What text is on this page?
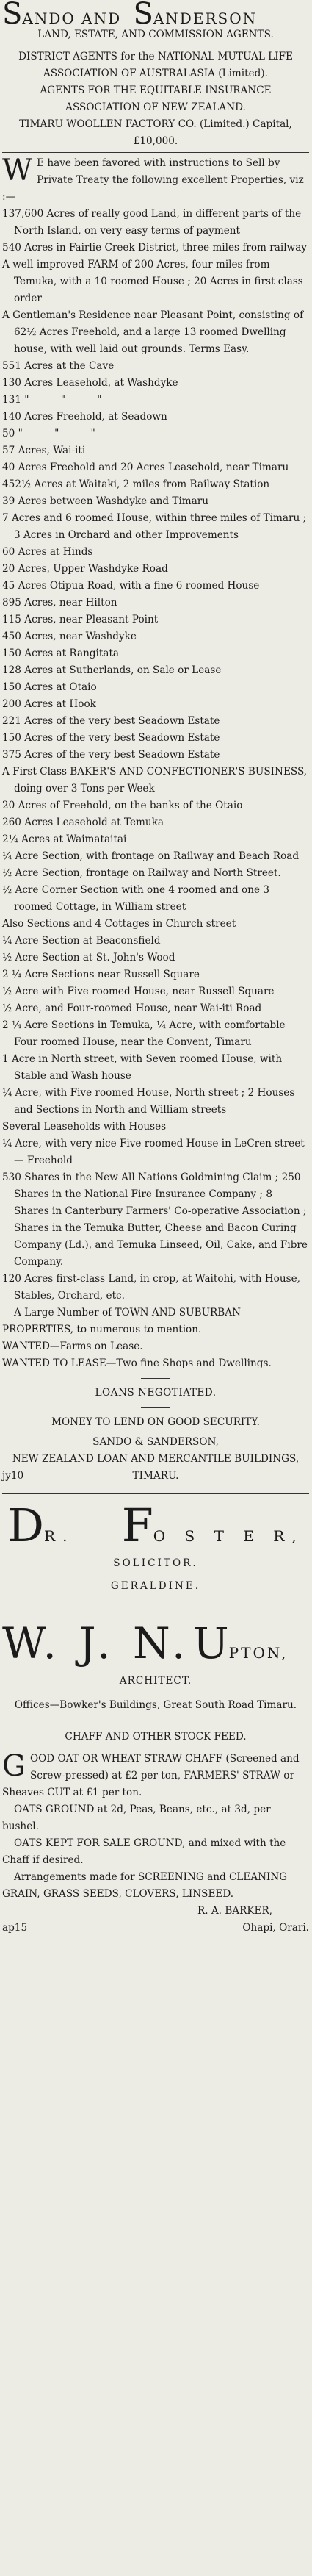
SANDO AND SANDERSON

LAND, ESTATE, AND COMMISSION AGENTS.

DISTRICT AGENTS for the NATIONAL MUTUAL LIFE ASSOCIATION OF AUSTRALASIA (Limited).

AGENTS FOR THE EQUITABLE INSURANCE ASSOCIATION OF NEW ZEALAND.

TIMARU WOOLLEN FACTORY CO. (Limited.) Capital, £10,000.

W E have been favored with instructions to Sell by Private Treaty the following excellent Properties, viz :—

137,600 Acres of really good Land, in different parts of the North Island, on very easy terms of payment

540 Acres in Fairlie Creek District, three miles from railway

A well improved FARM of 200 Acres, four miles from Temuka, with a 10 roomed House ; 20 Acres in first class order

A Gentleman's Residence near Pleasant Point, consisting of 62½ Acres Freehold, and a large 13 roomed Dwelling house, with well laid out grounds. Terms Easy.

551 Acres at the Cave

130 Acres Leasehold, at Washdyke

131 "          "          "

140 Acres Freehold, at Seadown

50 "          "          "

57 Acres, Wai-iti

40 Acres Freehold and 20 Acres Leasehold, near Timaru

452½ Acres at Waitaki, 2 miles from Railway Station

39 Acres between Washdyke and Timaru

7 Acres and 6 roomed House, within three miles of Timaru ; 3 Acres in Orchard and other Improvements

60 Acres at Hinds

20 Acres, Upper Washdyke Road

45 Acres Otipua Road, with a fine 6 roomed House

895 Acres, near Hilton

115 Acres, near Pleasant Point

450 Acres, near Washdyke

150 Acres at Rangitata

128 Acres at Sutherlands, on Sale or Lease

150 Acres at Otaio

200 Acres at Hook

221 Acres of the very best Seadown Estate

150 Acres of the very best Seadown Estate

375 Acres of the very best Seadown Estate

A First Class BAKER'S AND CONFECTIONER'S BUSINESS, doing over 3 Tons per Week

20 Acres of Freehold, on the banks of the Otaio

260 Acres Leasehold at Temuka

2¼ Acres at Waimataitai

¼ Acre Section, with frontage on Railway and Beach Road

½ Acre Section, frontage on Railway and North Street.

½ Acre Corner Section with one 4 roomed and one 3 roomed Cottage, in William street

Also Sections and 4 Cottages in Church street

¼ Acre Section at Beaconsfield

½ Acre Section at St. John's Wood

2 ¼ Acre Sections near Russell Square

½ Acre with Five roomed House, near Russell Square

½ Acre, and Four-roomed House, near Wai-iti Road

2 ¼ Acre Sections in Temuka, ¼ Acre, with comfortable Four roomed House, near the Convent, Timaru

1 Acre in North street, with Seven roomed House, with Stable and Wash house

¼ Acre, with Five roomed House, North street ; 2 Houses and Sections in North and William streets

Several Leaseholds with Houses

¼ Acre, with very nice Five roomed House in LeCren street — Freehold

530 Shares in the New All Nations Goldmining Claim ; 250 Shares in the National Fire Insurance Company ; 8 Shares in Canterbury Farmers' Co-operative Association ; Shares in the Temuka Butter, Cheese and Bacon Curing Company (Ld.), and Temuka Linseed, Oil, Cake, and Fibre Company.

120 Acres first-class Land, in crop, at Waitohi, with House, Stables, Orchard, etc.

A Large Number of TOWN AND SUBURBAN PROPERTIES, to numerous to mention.

WANTED—Farms on Lease.

WANTED TO LEASE—Two fine Shops and Dwellings.

LOANS NEGOTIATED.

MONEY TO LEND ON GOOD SECURITY.

SANDO & SANDERSON,

NEW ZEALAND LOAN AND MERCANTILE BUILDINGS, TIMARU.

jy10

DR. FO S T E R,

SOLICITOR.

GERALDINE.

W. J. N. UPTON,

ARCHITECT.

Offices—Bowker's Buildings, Great South Road Timaru.

CHAFF AND OTHER STOCK FEED.

GOOD OAT OR WHEAT STRAW CHAFF (Screened and Screw-pressed) at £2 per ton, FARMERS' STRAW or Sheaves CUT at £1 per ton.

OATS GROUND at 2d, Peas, Beans, etc., at 3d, per bushel.

OATS KEPT FOR SALE GROUND, and mixed with the Chaff if desired.

Arrangements made for SCREENING and CLEANING GRAIN, GRASS SEEDS, CLOVERS, LINSEED.

R. A. BARKER,

ap15	Ohapi, Orari.
